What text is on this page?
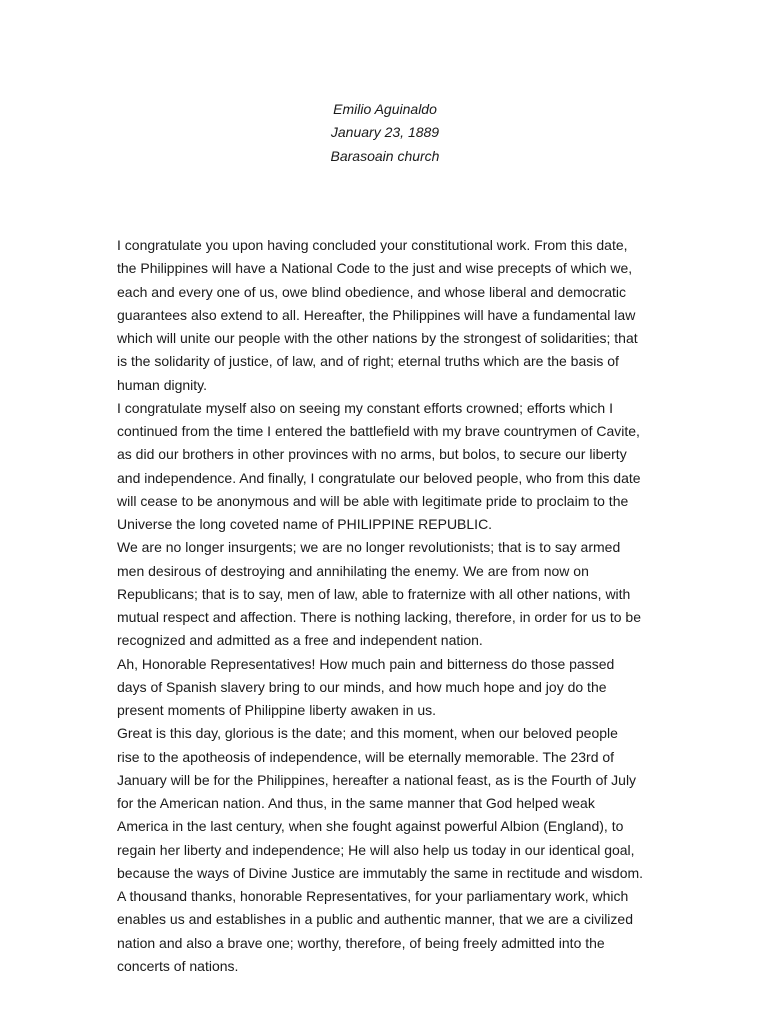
Emilio Aguinaldo
January 23, 1889
Barasoain church
I congratulate you upon having concluded your constitutional work. From this date,
the Philippines will have a National Code to the just and wise precepts of which we,
each and every one of us, owe blind obedience, and whose liberal and democratic
guarantees also extend to all. Hereafter, the Philippines will have a fundamental law
which will unite our people with the other nations by the strongest of solidarities; that
is the solidarity of justice, of law, and of right; eternal truths which are the basis of
human dignity.
I congratulate myself also on seeing my constant efforts crowned; efforts which I
continued from the time I entered the battlefield with my brave countrymen of Cavite,
as did our brothers in other provinces with no arms, but bolos, to secure our liberty
and independence. And finally, I congratulate our beloved people, who from this date
will cease to be anonymous and will be able with legitimate pride to proclaim to the
Universe the long coveted name of PHILIPPINE REPUBLIC.
We are no longer insurgents; we are no longer revolutionists; that is to say armed
men desirous of destroying and annihilating the enemy. We are from now on
Republicans; that is to say, men of law, able to fraternize with all other nations, with
mutual respect and affection. There is nothing lacking, therefore, in order for us to be
recognized and admitted as a free and independent nation.
Ah, Honorable Representatives! How much pain and bitterness do those passed
days of Spanish slavery bring to our minds, and how much hope and joy do the
present moments of Philippine liberty awaken in us.
Great is this day, glorious is the date; and this moment, when our beloved people
rise to the apotheosis of independence, will be eternally memorable. The 23rd of
January will be for the Philippines, hereafter a national feast, as is the Fourth of July
for the American nation. And thus, in the same manner that God helped weak
America in the last century, when she fought against powerful Albion (England), to
regain her liberty and independence; He will also help us today in our identical goal,
because the ways of Divine Justice are immutably the same in rectitude and wisdom.
A thousand thanks, honorable Representatives, for your parliamentary work, which
enables us and establishes in a public and authentic manner, that we are a civilized
nation and also a brave one; worthy, therefore, of being freely admitted into the
concerts of nations.
